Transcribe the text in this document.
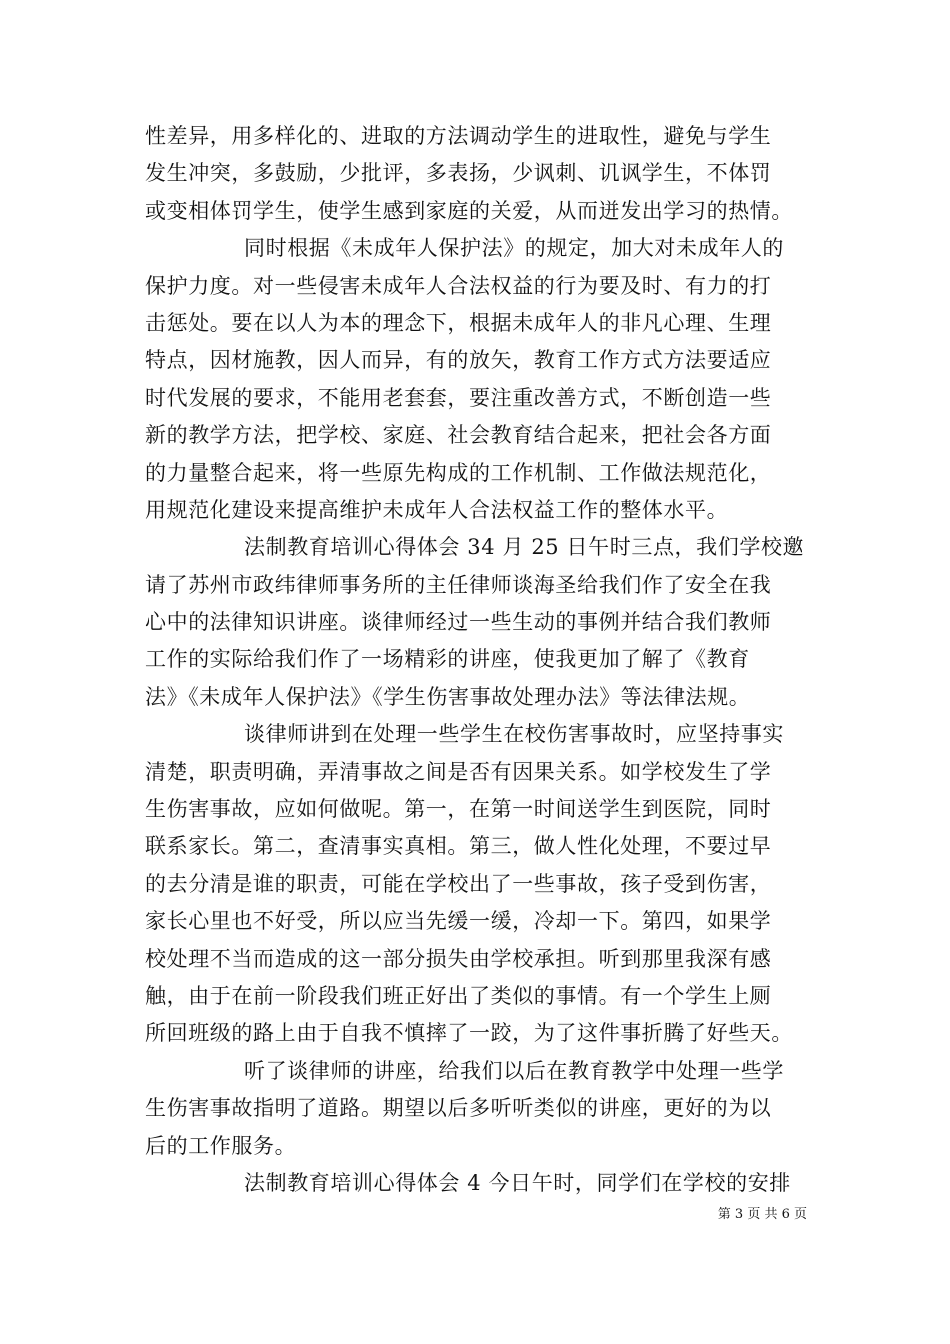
性差异，用多样化的、进取的方法调动学生的进取性，避免与学生
发生冲突，多鼓励，少批评，多表扬，少讽刺、讥讽学生，不体罚
或变相体罚学生，使学生感到家庭的关爱，从而迸发出学习的热情。
同时根据《未成年人保护法》的规定，加大对未成年人的
保护力度。对一些侵害未成年人合法权益的行为要及时、有力的打
击惩处。要在以人为本的理念下，根据未成年人的非凡心理、生理
特点，因材施教，因人而异，有的放矢，教育工作方式方法要适应
时代发展的要求，不能用老套套，要注重改善方式，不断创造一些
新的教学方法，把学校、家庭、社会教育结合起来，把社会各方面
的力量整合起来，将一些原先构成的工作机制、工作做法规范化，
用规范化建设来提高维护未成年人合法权益工作的整体水平。
法制教育培训心得体会 34 月 25 日午时三点，我们学校邀
请了苏州市政纬律师事务所的主任律师谈海圣给我们作了安全在我
心中的法律知识讲座。谈律师经过一些生动的事例并结合我们教师
工作的实际给我们作了一场精彩的讲座，使我更加了解了《教育
法》《未成年人保护法》《学生伤害事故处理办法》等法律法规。
谈律师讲到在处理一些学生在校伤害事故时，应坚持事实
清楚，职责明确，弄清事故之间是否有因果关系。如学校发生了学
生伤害事故，应如何做呢。第一，在第一时间送学生到医院，同时
联系家长。第二，查清事实真相。第三，做人性化处理，不要过早
的去分清是谁的职责，可能在学校出了一些事故，孩子受到伤害，
家长心里也不好受，所以应当先缓一缓，冷却一下。第四，如果学
校处理不当而造成的这一部分损失由学校承担。听到那里我深有感
触，由于在前一阶段我们班正好出了类似的事情。有一个学生上厕
所回班级的路上由于自我不慎摔了一跤，为了这件事折腾了好些天。
听了谈律师的讲座，给我们以后在教育教学中处理一些学
生伤害事故指明了道路。期望以后多听听类似的讲座，更好的为以
后的工作服务。
法制教育培训心得体会 4 今日午时，同学们在学校的安排
第 3 页 共 6 页
